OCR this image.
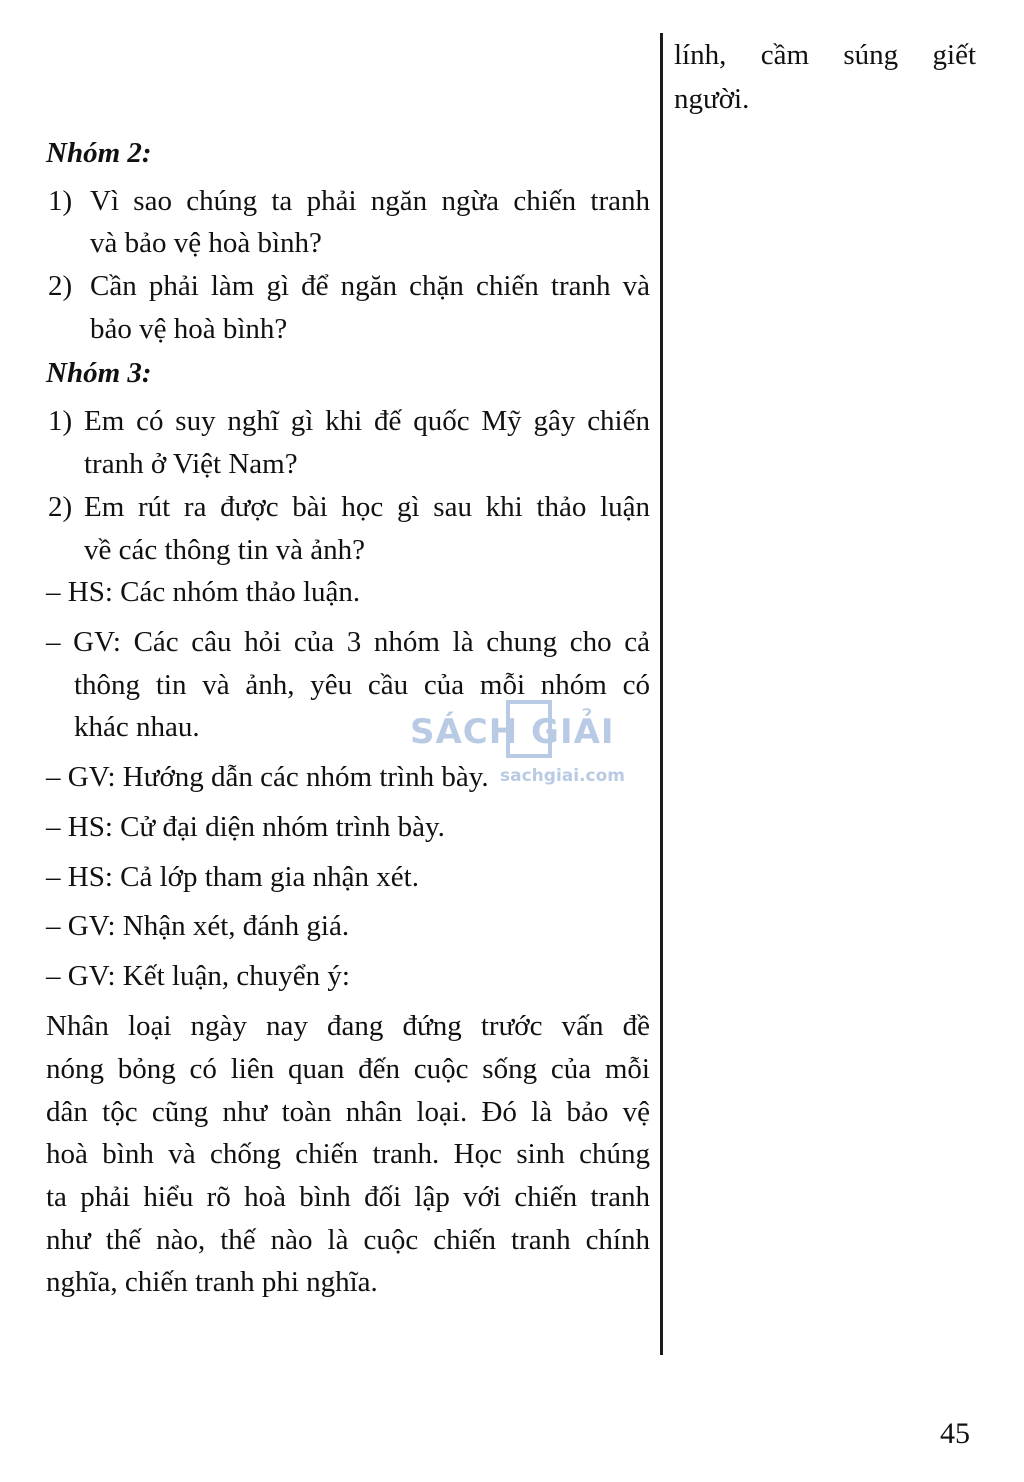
lính, cầm súng giết
người.
Nhóm 2:
1) Vì sao chúng ta phải ngăn ngừa chiến tranh
và bảo vệ hoà bình?
2) Cần phải làm gì để ngăn chặn chiến tranh và
bảo vệ hoà bình?
Nhóm 3:
1) Em có suy nghĩ gì khi đế quốc Mỹ gây chiến
tranh ở Việt Nam?
2) Em rút ra được bài học gì sau khi thảo luận
về các thông tin và ảnh?
– HS: Các nhóm thảo luận.
– GV: Các câu hỏi của 3 nhóm là chung cho cả
thông tin và ảnh, yêu cầu của mỗi nhóm có
khác nhau.
– GV: Hướng dẫn các nhóm trình bày.
– HS: Cử đại diện nhóm trình bày.
– HS: Cả lớp tham gia nhận xét.
– GV: Nhận xét, đánh giá.
– GV: Kết luận, chuyển ý:
Nhân loại ngày nay đang đứng trước vấn đề
nóng bỏng có liên quan đến cuộc sống của mỗi
dân tộc cũng như toàn nhân loại. Đó là bảo vệ
hoà bình và chống chiến tranh. Học sinh chúng
ta phải hiểu rõ hoà bình đối lập với chiến tranh
như thế nào, thế nào là cuộc chiến tranh chính
nghĩa, chiến tranh phi nghĩa.
SÁCH GIẢI
sachgiai.com
45
